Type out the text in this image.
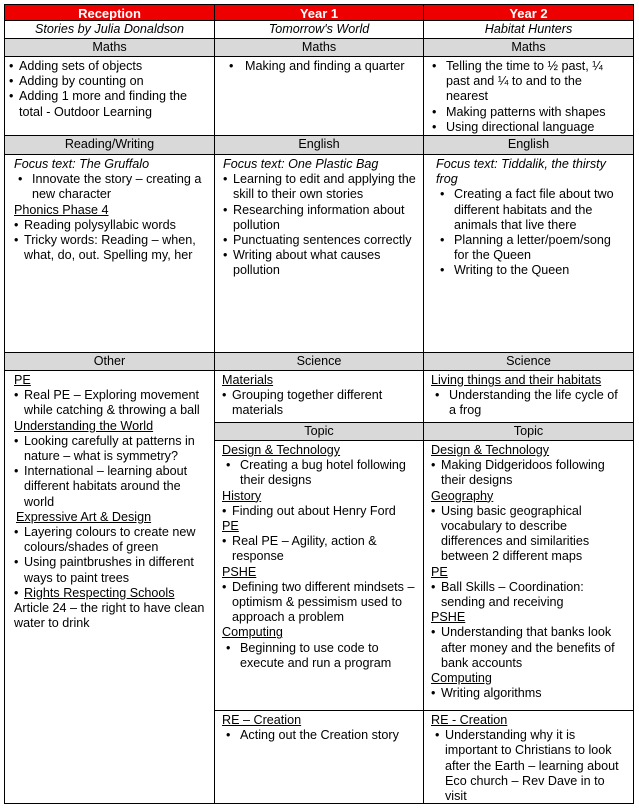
Reception	Year 1	Year 2
Stories by Julia Donaldson	Tomorrow's World	Habitat Hunters
Maths	Maths	Maths
• Adding sets of objects
• Adding by counting on
• Adding 1 more and finding the total - Outdoor Learning
• Making and finding a quarter
•	Telling the time to ½ past, ¼ past and ¼ to and to the nearest
• Making patterns with shapes
• Using directional language
Reading/Writing	English	English
Focus text: The Gruffalo
• Innovate the story – creating a new character
Phonics Phase 4
• Reading polysyllabic words
• Tricky words: Reading – when, what, do, out. Spelling my, her
Focus text: One Plastic Bag
• Learning to edit and applying the skill to their own stories
• Researching information about pollution
• Punctuating sentences correctly
• Writing about what causes pollution
Focus text: Tiddalik, the thirsty frog
• Creating a fact file about two different habitats and the animals that live there
• Planning a letter/poem/song for the Queen
• Writing to the Queen
Other	Science	Science
PE
• Real PE – Exploring movement while catching & throwing a ball
Understanding the World
• Looking carefully at patterns in nature – what is symmetry?
• International – learning about different habitats around the world
Expressive Art & Design
• Layering colours to create new colours/shades of green
• Using paintbrushes in different ways to paint trees
• Rights Respecting Schools
Article 24 – the right to have clean water to drink
Materials
• Grouping together different materials
Living things and their habitats
• Understanding the life cycle of a frog
Topic	Topic
Design & Technology
• Creating a bug hotel following their designs
History
• Finding out about Henry Ford
PE
• Real PE – Agility, action & response
PSHE
• Defining two different mindsets – optimism & pessimism used to approach a problem
Computing
• Beginning to use code to execute and run a program
Design & Technology
• Making Didgeridoos following their designs
Geography
• Using basic geographical vocabulary to describe differences and similarities between 2 different maps
PE
• Ball Skills – Coordination: sending and receiving
PSHE
• Understanding that banks look after money and the benefits of bank accounts
Computing
• Writing algorithms
RE – Creation
• Acting out the Creation story
RE - Creation
• Understanding why it is important to Christians to look after the Earth – learning about Eco church – Rev Dave in to visit
